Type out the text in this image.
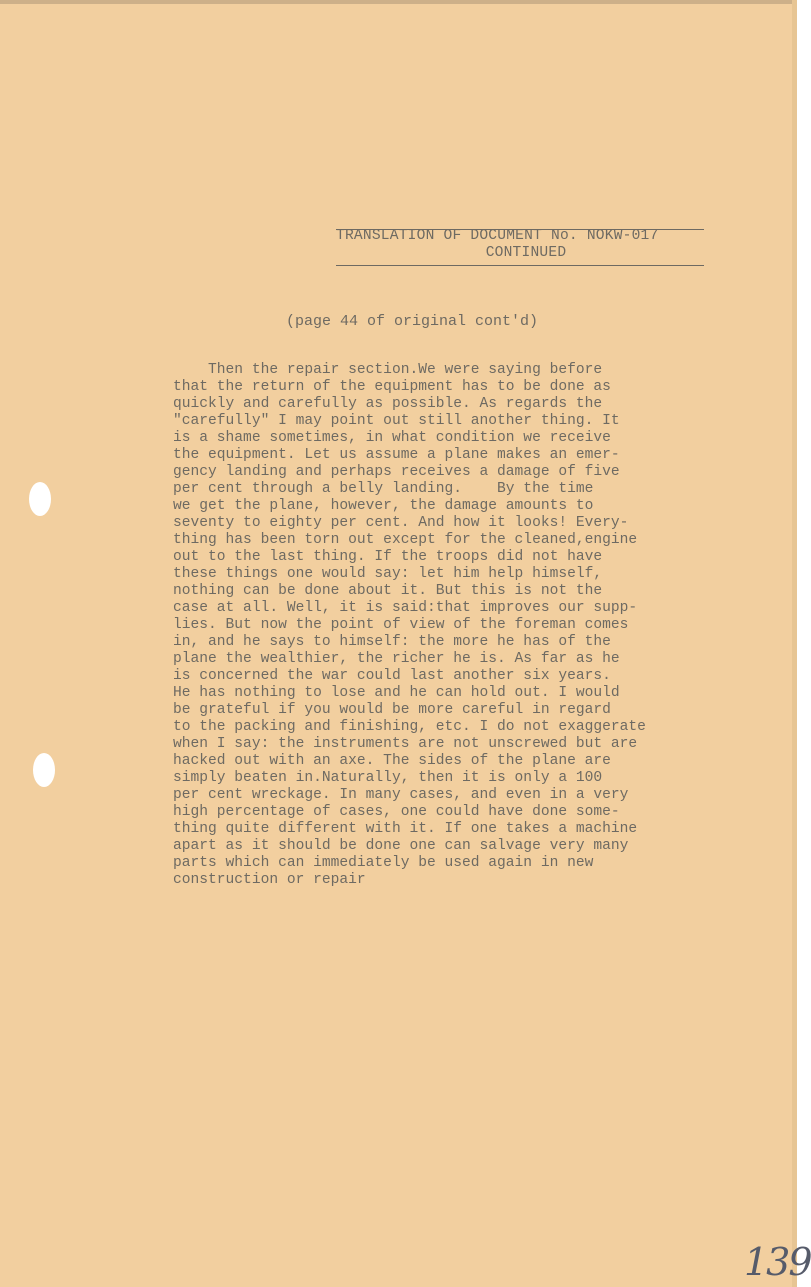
TRANSLATION OF DOCUMENT No. NOKW-017
CONTINUED
(page 44 of original cont'd)
Then the repair section.We were saying before
that the return of the equipment has to be done as
quickly and carefully as possible. As regards the
"carefully" I may point out still another thing. It
is a shame sometimes, in what condition we receive
the equipment. Let us assume a plane makes an emer-
gency landing and perhaps receives a damage of five
per cent through a belly landing.    By the time
we get the plane, however, the damage amounts to
seventy to eighty per cent. And how it looks! Every-
thing has been torn out except for the cleaned,engine
out to the last thing. If the troops did not have
these things one would say: let him help himself,
nothing can be done about it. But this is not the
case at all. Well, it is said:that improves our supp-
lies. But now the point of view of the foreman comes
in, and he says to himself: the more he has of the
plane the wealthier, the richer he is. As far as he
is concerned the war could last another six years.
He has nothing to lose and he can hold out. I would
be grateful if you would be more careful in regard
to the packing and finishing, etc. I do not exaggerate
when I say: the instruments are not unscrewed but are
hacked out with an axe. The sides of the plane are
simply beaten in.Naturally, then it is only a 100
per cent wreckage. In many cases, and even in a very
high percentage of cases, one could have done some-
thing quite different with it. If one takes a machine
apart as it should be done one can salvage very many
parts which can immediately be used again in new
construction or repair
139
